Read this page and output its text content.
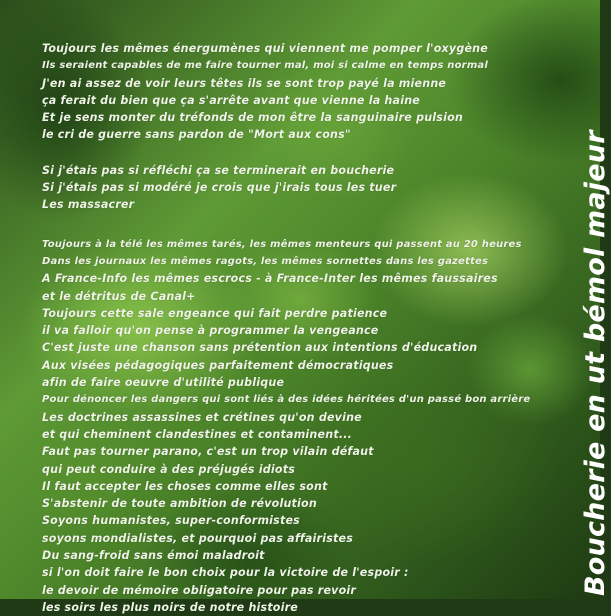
Toujours les mêmes énergumènes qui viennent me pomper l'oxygène
Ils seraient capables de me faire tourner mal, moi si calme en temps normal
J'en ai assez de voir leurs têtes ils se sont trop payé la mienne
ça ferait du bien que ça s'arrête avant que vienne la haine
Et je sens monter du tréfonds de mon être la sanguinaire pulsion
le cri de guerre sans pardon de "Mort aux cons"
Si j'étais pas si réfléchi ça se terminerait en boucherie
Si j'étais pas si modéré je crois que j'irais tous les tuer
Les massacrer
Toujours à la télé les mêmes tarés, les mêmes menteurs qui passent au 20 heures
Dans les journaux les mêmes ragots, les mêmes sornettes dans les gazettes
A France-Info les mêmes escrocs - à France-Inter les mêmes faussaires
et le détritus de Canal+
Toujours cette sale engeance qui fait perdre patience
il va falloir qu'on pense à programmer la vengeance
C'est juste une chanson sans prétention aux intentions d'éducation
Aux visées pédagogiques parfaitement démocratiques
afin de faire oeuvre d'utilité publique
Pour dénoncer les dangers qui sont liés à des idées héritées d'un passé bon arrière
Les doctrines assassines et crétines qu'on devine
et qui cheminent clandestines et contaminent...
Faut pas tourner parano, c'est un trop vilain défaut
qui peut conduire à des préjugés idiots
Il faut accepter les choses comme elles sont
S'abstenir de toute ambition de révolution
Soyons humanistes, super-conformistes
soyons mondialistes, et pourquoi pas affairistes
Du sang-froid sans émoi maladroit
si l'on doit faire le bon choix pour la victoire de l'espoir :
le devoir de mémoire obligatoire pour pas revoir
les soirs les plus noirs de notre histoire
Boucherie en ut bémol majeur
